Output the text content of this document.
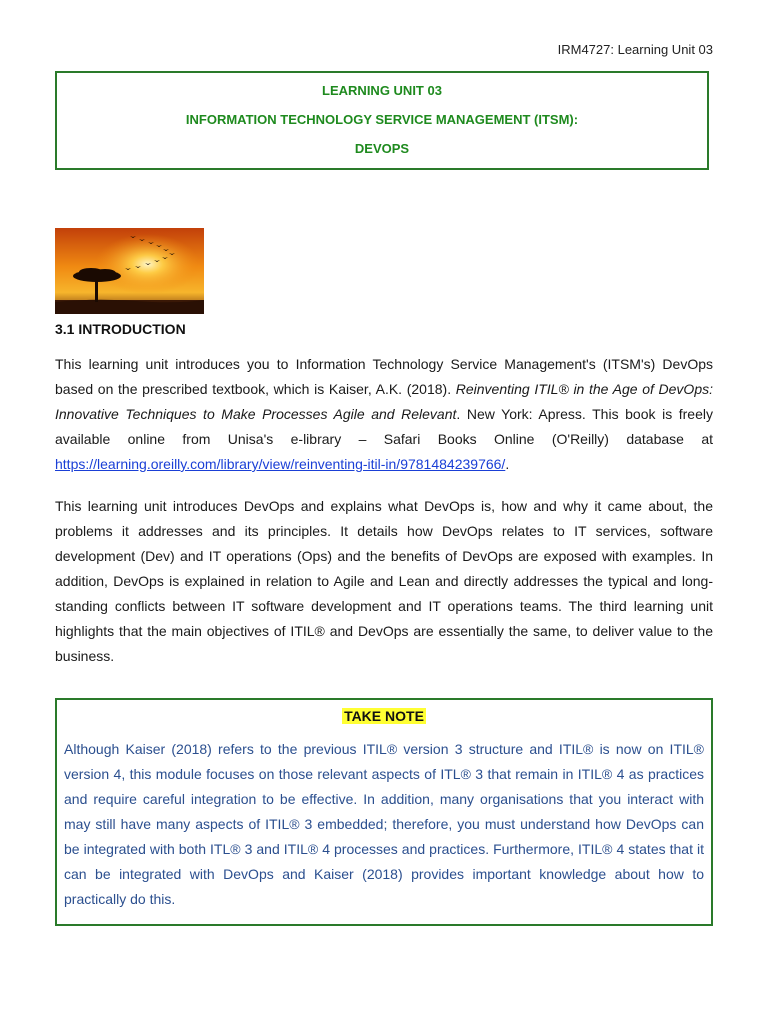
IRM4727: Learning Unit 03
LEARNING UNIT 03
INFORMATION TECHNOLOGY SERVICE MANAGEMENT (ITSM):
DEVOPS
3.1 INTRODUCTION
This learning unit introduces you to Information Technology Service Management's (ITSM's) DevOps based on the prescribed textbook, which is Kaiser, A.K. (2018). Reinventing ITIL® in the Age of DevOps: Innovative Techniques to Make Processes Agile and Relevant. New York: Apress. This book is freely available online from Unisa's e-library – Safari Books Online (O'Reilly) database at https://learning.oreilly.com/library/view/reinventing-itil-in/9781484239766/.
This learning unit introduces DevOps and explains what DevOps is, how and why it came about, the problems it addresses and its principles. It details how DevOps relates to IT services, software development (Dev) and IT operations (Ops) and the benefits of DevOps are exposed with examples. In addition, DevOps is explained in relation to Agile and Lean and directly addresses the typical and long-standing conflicts between IT software development and IT operations teams. The third learning unit highlights that the main objectives of ITIL® and DevOps are essentially the same, to deliver value to the business.
TAKE NOTE
Although Kaiser (2018) refers to the previous ITIL® version 3 structure and ITIL® is now on ITIL® version 4, this module focuses on those relevant aspects of ITL® 3 that remain in ITIL® 4 as practices and require careful integration to be effective. In addition, many organisations that you interact with may still have many aspects of ITIL® 3 embedded; therefore, you must understand how DevOps can be integrated with both ITL® 3 and ITIL® 4 processes and practices. Furthermore, ITIL® 4 states that it can be integrated with DevOps and Kaiser (2018) provides important knowledge about how to practically do this.
